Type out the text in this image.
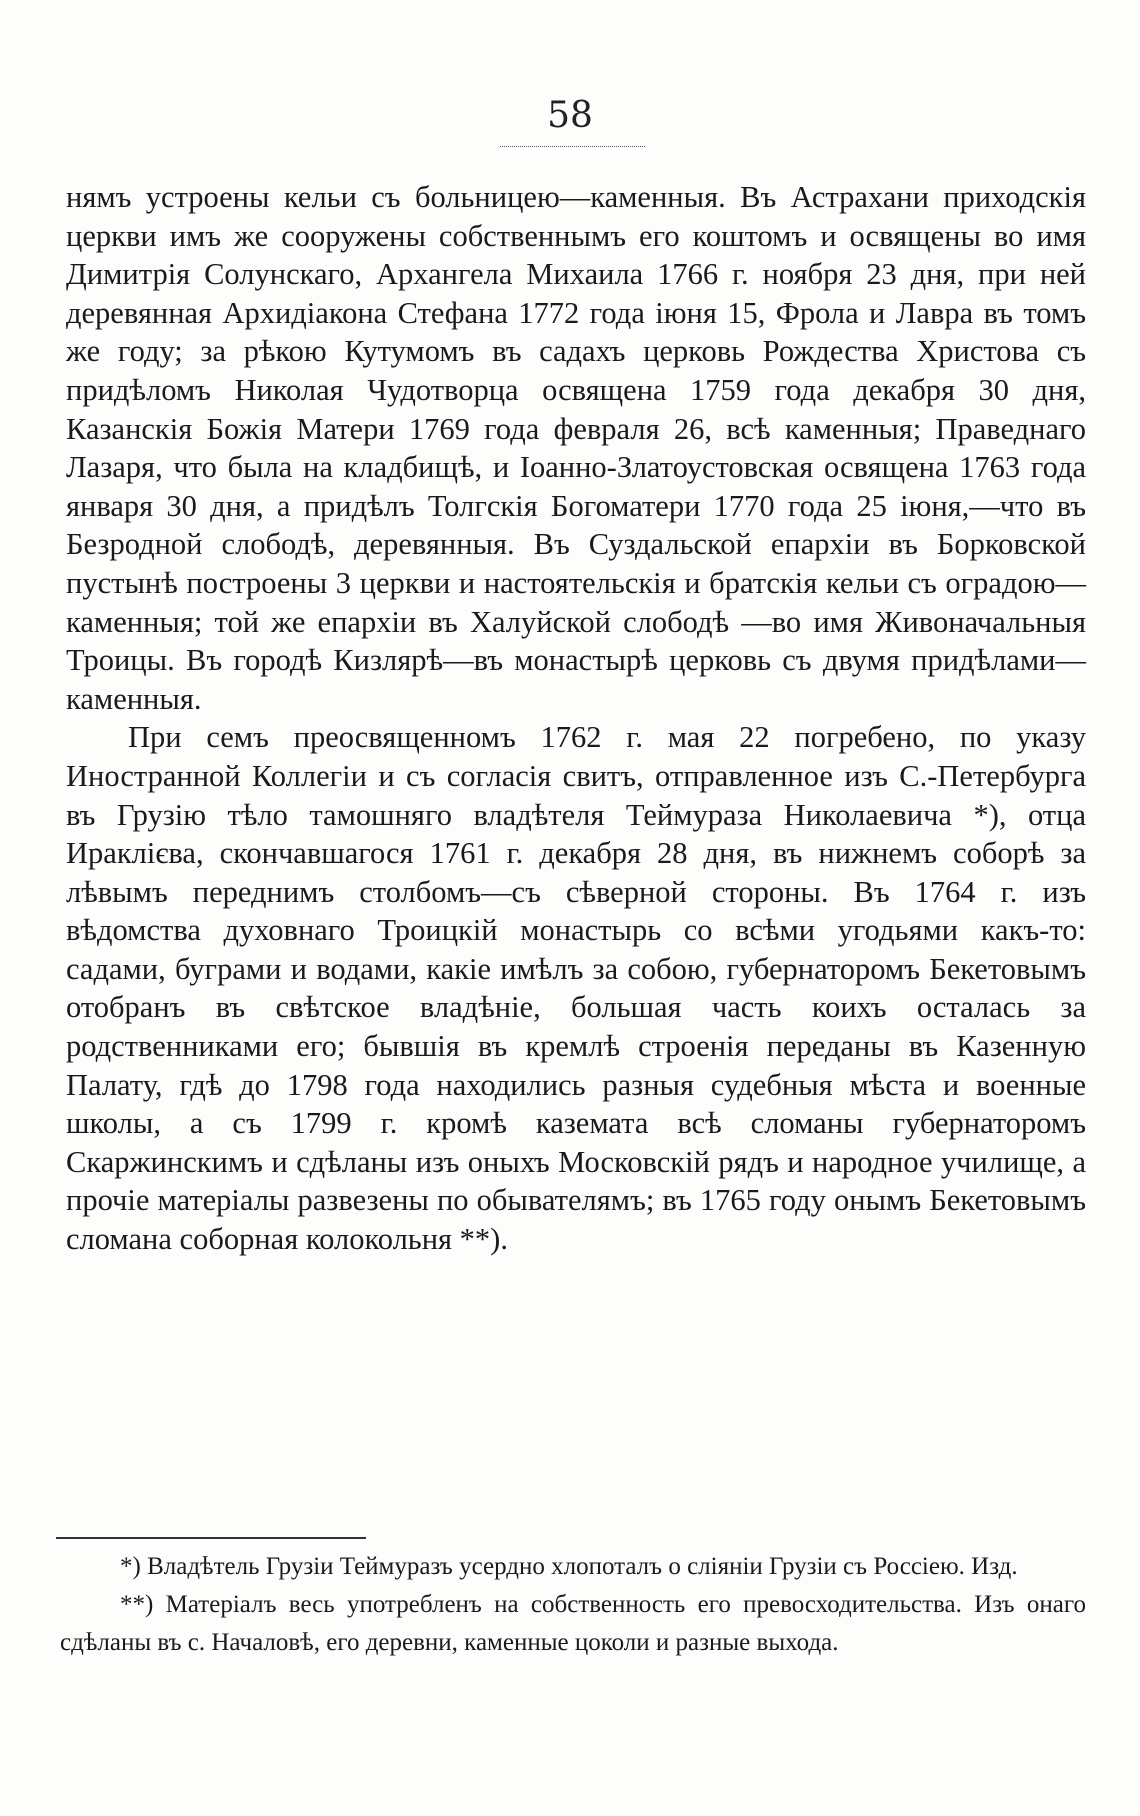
58

нямъ устроены кельи съ больницею—каменныя. Въ Астрахани приходскія церкви имъ же сооружены собственнымъ его коштомъ и освящены во имя Димитрія Солунскаго, Архангела Михаила 1766 г. ноября 23 дня, при ней деревянная Архидіакона Стефана 1772 года іюня 15, Фрола и Лавра въ томъ же году; за рѣкою Кутумомъ въ садахъ церковь Рождества Христова съ придѣломъ Николая Чудотворца освящена 1759 года декабря 30 дня, Казанскія Божія Матери 1769 года февраля 26, всѣ каменныя; Праведнаго Лазаря, что была на кладбищѣ, и Іоанно-Златоустовская освящена 1763 года января 30 дня, а придѣлъ Толгскія Богоматери 1770 года 25 іюня,—что въ Безродной слободѣ, деревянныя. Въ Суздальской епархіи въ Борковской пустынѣ построены 3 церкви и настоятельскія и братскія кельи съ оградою—каменныя; той же епархіи въ Халуйской слободѣ —во имя Живоначальныя Троицы. Въ городѣ Кизлярѣ—въ монастырѣ церковь съ двумя придѣлами—каменныя.

При семъ преосвященномъ 1762 г. мая 22 погребено, по указу Иностранной Коллегіи и съ согласія свитъ, отправленное изъ С.-Петербурга въ Грузію тѣло тамошняго владѣтеля Теймураза Николаевича *), отца Ираклієва, скончавшагося 1761 г. декабря 28 дня, въ нижнемъ соборѣ за лѣвымъ переднимъ столбомъ—съ сѣверной стороны. Въ 1764 г. изъ вѣдомства духовнаго Троицкій монастырь со всѣми угодьями какъ-то: садами, буграми и водами, какіе имѣлъ за собою, губернаторомъ Бекетовымъ отобранъ въ свѣтское владѣніе, большая часть коихъ осталась за родственниками его; бывшія въ кремлѣ строенія переданы въ Казенную Палату, гдѣ до 1798 года находились разныя судебныя мѣста и военные школы, а съ 1799 г. кромѣ каземата всѣ сломаны губернаторомъ Скаржинскимъ и сдѣланы изъ оныхъ Московскій рядъ и народное училище, а прочіе матеріалы развезены по обывателямъ; въ 1765 году онымъ Бекетовымъ сломана соборная колокольня **).

*) Владѣтель Грузіи Теймуразъ усердно хлопоталъ о сліяніи Грузіи съ Россіею. Изд.

**) Матеріалъ весь употребленъ на собственность его превосходительства. Изъ онаго сдѣланы въ с. Началовѣ, его деревни, каменные цоколи и разные выхода.
